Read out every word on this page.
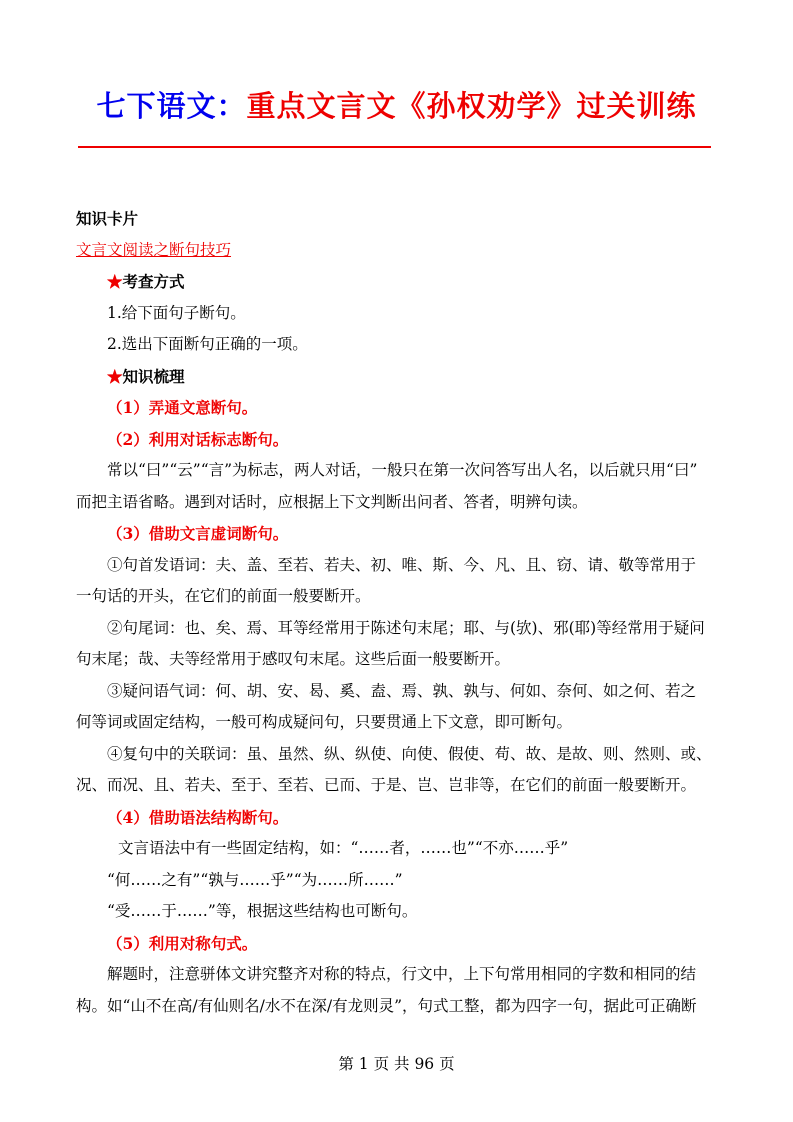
七下语文：重点文言文《孙权劝学》过关训练
知识卡片
文言文阅读之断句技巧
★考查方式
1.给下面句子断句。
2.选出下面断句正确的一项。
★知识梳理
（1）弄通文意断句。
（2）利用对话标志断句。
常以“曰”“云”“言”为标志，两人对话，一般只在第一次问答写出人名，以后就只用“曰”
而把主语省略。遇到对话时，应根据上下文判断出问者、答者，明辨句读。
（3）借助文言虚词断句。
①句首发语词：夫、盖、至若、若夫、初、唯、斯、今、凡、且、窃、请、敬等常用于
一句话的开头，在它们的前面一般要断开。
②句尾词：也、矣、焉、耳等经常用于陈述句末尾；耶、与(欤)、邪(耶)等经常用于疑问
句末尾；哉、夫等经常用于感叹句末尾。这些后面一般要断开。
③疑问语气词：何、胡、安、曷、奚、盍、焉、孰、孰与、何如、奈何、如之何、若之
何等词或固定结构，一般可构成疑问句，只要贯通上下文意，即可断句。
④复句中的关联词：虽、虽然、纵、纵使、向使、假使、苟、故、是故、则、然则、或、
况、而况、且、若夫、至于、至若、已而、于是、岂、岂非等，在它们的前面一般要断开。
（4）借助语法结构断句。
文言语法中有一些固定结构，如：“……者，……也”“不亦……乎”
“何……之有”“孰与……乎”“为……所……”
“受……于……”等，根据这些结构也可断句。
（5）利用对称句式。
解题时，注意骈体文讲究整齐对称的特点，行文中，上下句常用相同的字数和相同的结
构。如“山不在高/有仙则名/水不在深/有龙则灵”，句式工整，都为四字一句，据此可正确断
第 1 页 共 96 页
